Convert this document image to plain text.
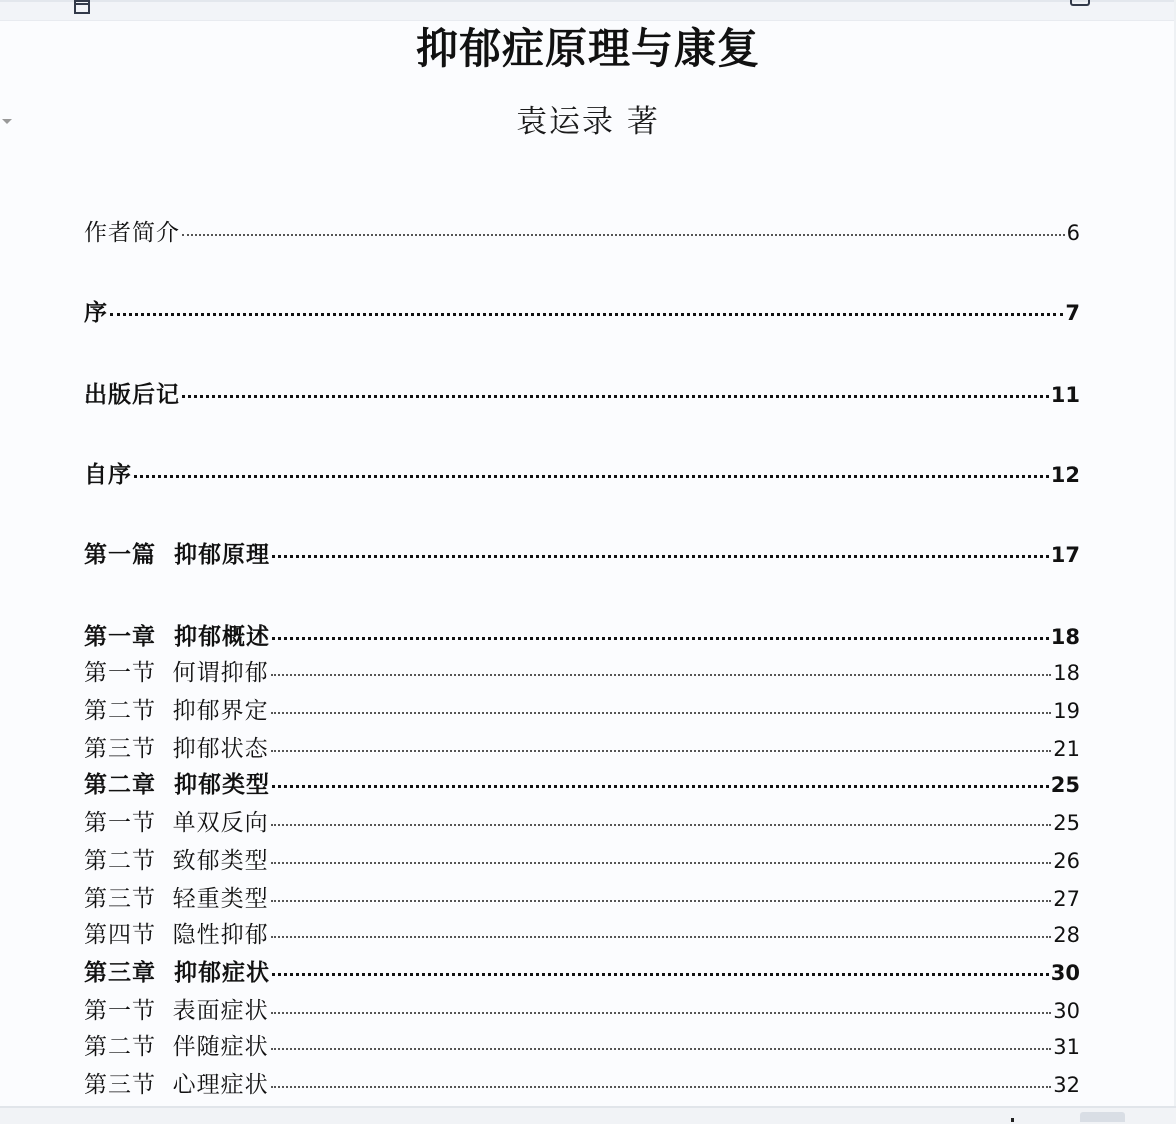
抑郁症原理与康复
袁运录 著
作者简介	6
序	7
出版后记	11
自序	12
第一篇  抑郁原理	17
第一章  抑郁概述	18
第一节  何谓抑郁	18
第二节  抑郁界定	19
第三节  抑郁状态	21
第二章  抑郁类型	25
第一节  单双反向	25
第二节  致郁类型	26
第三节  轻重类型	27
第四节  隐性抑郁	28
第三章  抑郁症状	30
第一节  表面症状	30
第二节  伴随症状	31
第三节  心理症状	32
